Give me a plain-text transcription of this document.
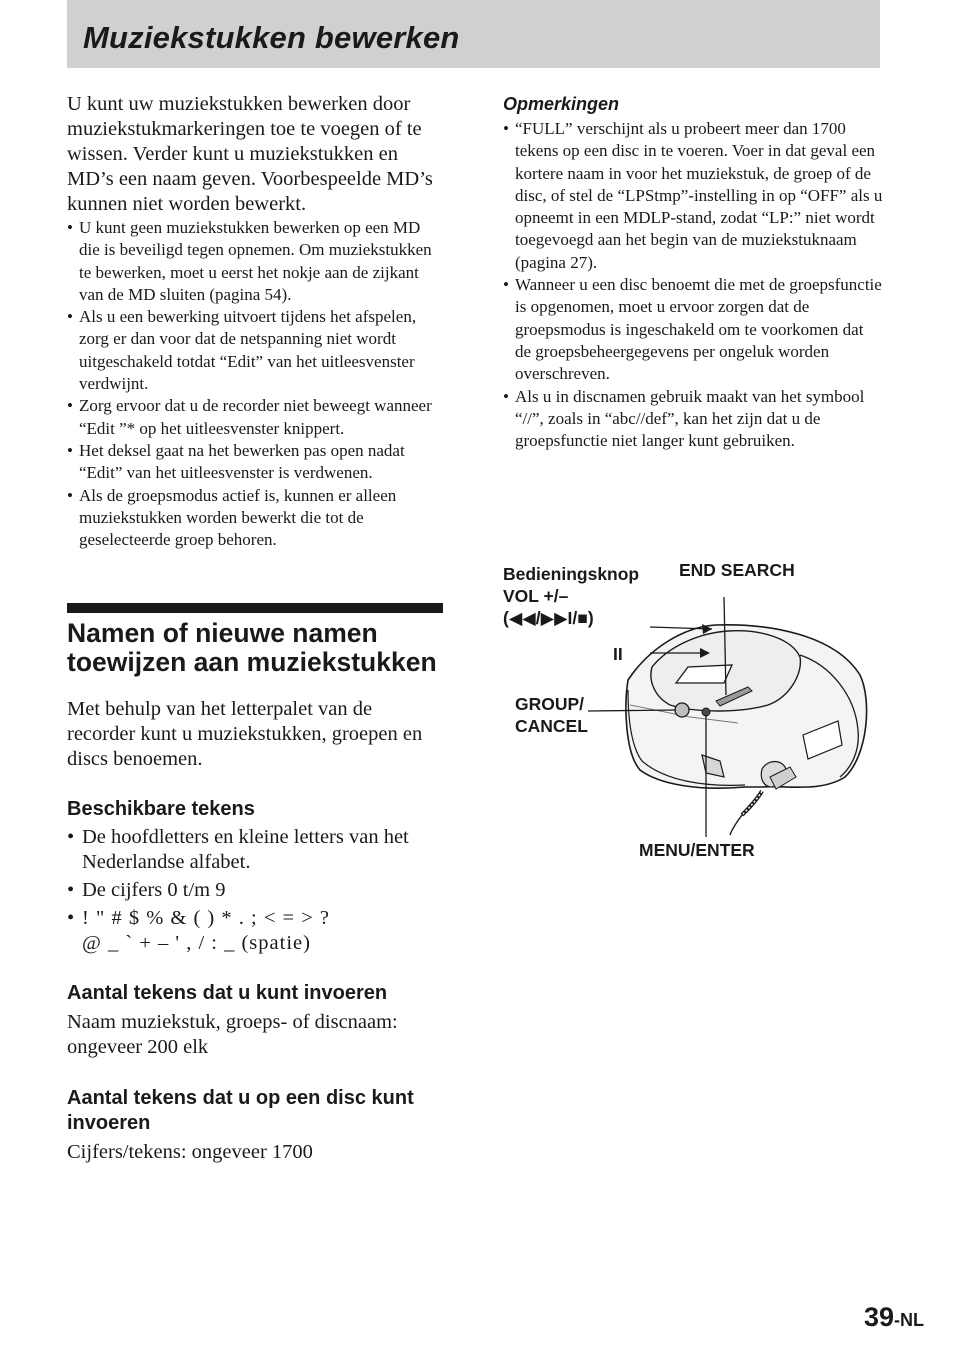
Muziekstukken bewerken

U kunt uw muziekstukken bewerken door muziekstukmarkeringen toe te voegen of te wissen. Verder kunt u muziekstukken en MD’s een naam geven. Voorbespeelde MD’s kunnen niet worden bewerkt.

• U kunt geen muziekstukken bewerken op een MD die is beveiligd tegen opnemen. Om muziekstukken te bewerken, moet u eerst het nokje aan de zijkant van de MD sluiten (pagina 54).
• Als u een bewerking uitvoert tijdens het afspelen, zorg er dan voor dat de netspanning niet wordt uitgeschakeld totdat “Edit” van het uitleesvenster verdwijnt.
• Zorg ervoor dat u de recorder niet beweegt wanneer “Edit ”* op het uitleesvenster knippert.
• Het deksel gaat na het bewerken pas open nadat “Edit” van het uitleesvenster is verdwenen.
• Als de groepsmodus actief is, kunnen er alleen muziekstukken worden bewerkt die tot de geselecteerde groep behoren.
Namen of nieuwe namen toewijzen aan muziekstukken

Met behulp van het letterpalet van de recorder kunt u muziekstukken, groepen en discs benoemen.

Beschikbare tekens
• De hoofdletters en kleine letters van het Nederlandse alfabet.
• De cijfers 0 t/m 9
• ! " # $ % & ( ) * . ; < = > ?
@ _ ` + – ' , / : _ (spatie)
Aantal tekens dat u kunt invoeren

Naam muziekstuk, groeps- of discnaam: ongeveer 200 elk

Aantal tekens dat u op een disc kunt invoeren

Cijfers/tekens: ongeveer 1700

Opmerkingen

• “FULL” verschijnt als u probeert meer dan 1700 tekens op een disc in te voeren. Voer in dat geval een kortere naam in voor het muziekstuk, de groep of de disc, of stel de “LPStmp”-instelling in op “OFF” als u opneemt in een MDLP-stand, zodat “LP:” niet wordt toegevoegd aan het begin van de muziekstuknaam (pagina 27).
• Wanneer u een disc benoemt die met de groepsfunctie is opgenomen, moet u ervoor zorgen dat de groepsmodus is ingeschakeld om te voorkomen dat de groepsbeheergegevens per ongeluk worden overschreven.
• Als u in discnamen gebruik maakt van het symbool “//”, zoals in “abc//def”, kan het zijn dat u de groepsfunctie niet langer kunt gebruiken.
Bedieningsknop
VOL +/–
(◀◀/▶▶I/■)
II
END SEARCH
GROUP/
CANCEL
MENU/ENTER
39-NL
